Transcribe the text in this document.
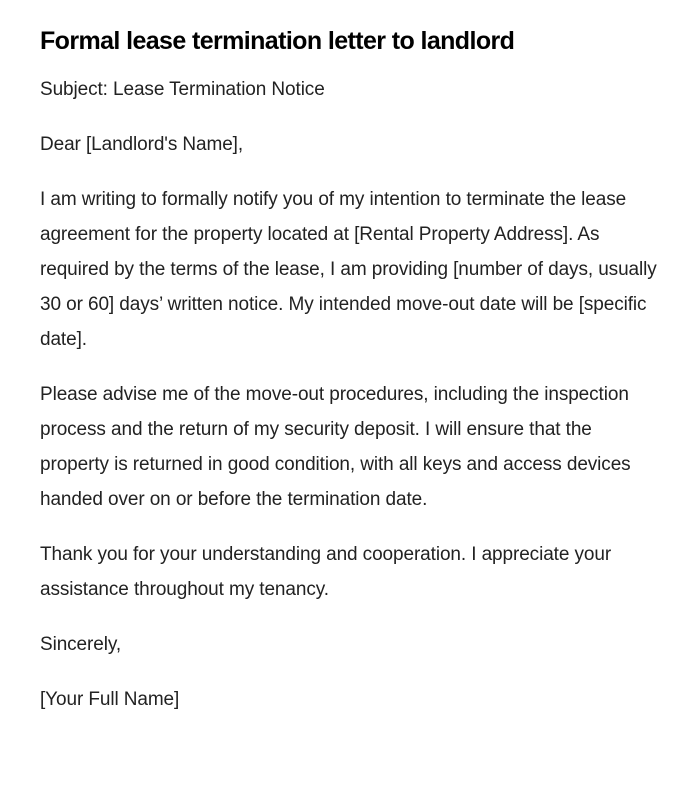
Formal lease termination letter to landlord

Subject: Lease Termination Notice

Dear [Landlord's Name],

I am writing to formally notify you of my intention to terminate the lease agreement for the property located at [Rental Property Address]. As required by the terms of the lease, I am providing [number of days, usually 30 or 60] days’ written notice. My intended move-out date will be [specific date].

Please advise me of the move-out procedures, including the inspection process and the return of my security deposit. I will ensure that the property is returned in good condition, with all keys and access devices handed over on or before the termination date.

Thank you for your understanding and cooperation. I appreciate your assistance throughout my tenancy.

Sincerely,

[Your Full Name]
